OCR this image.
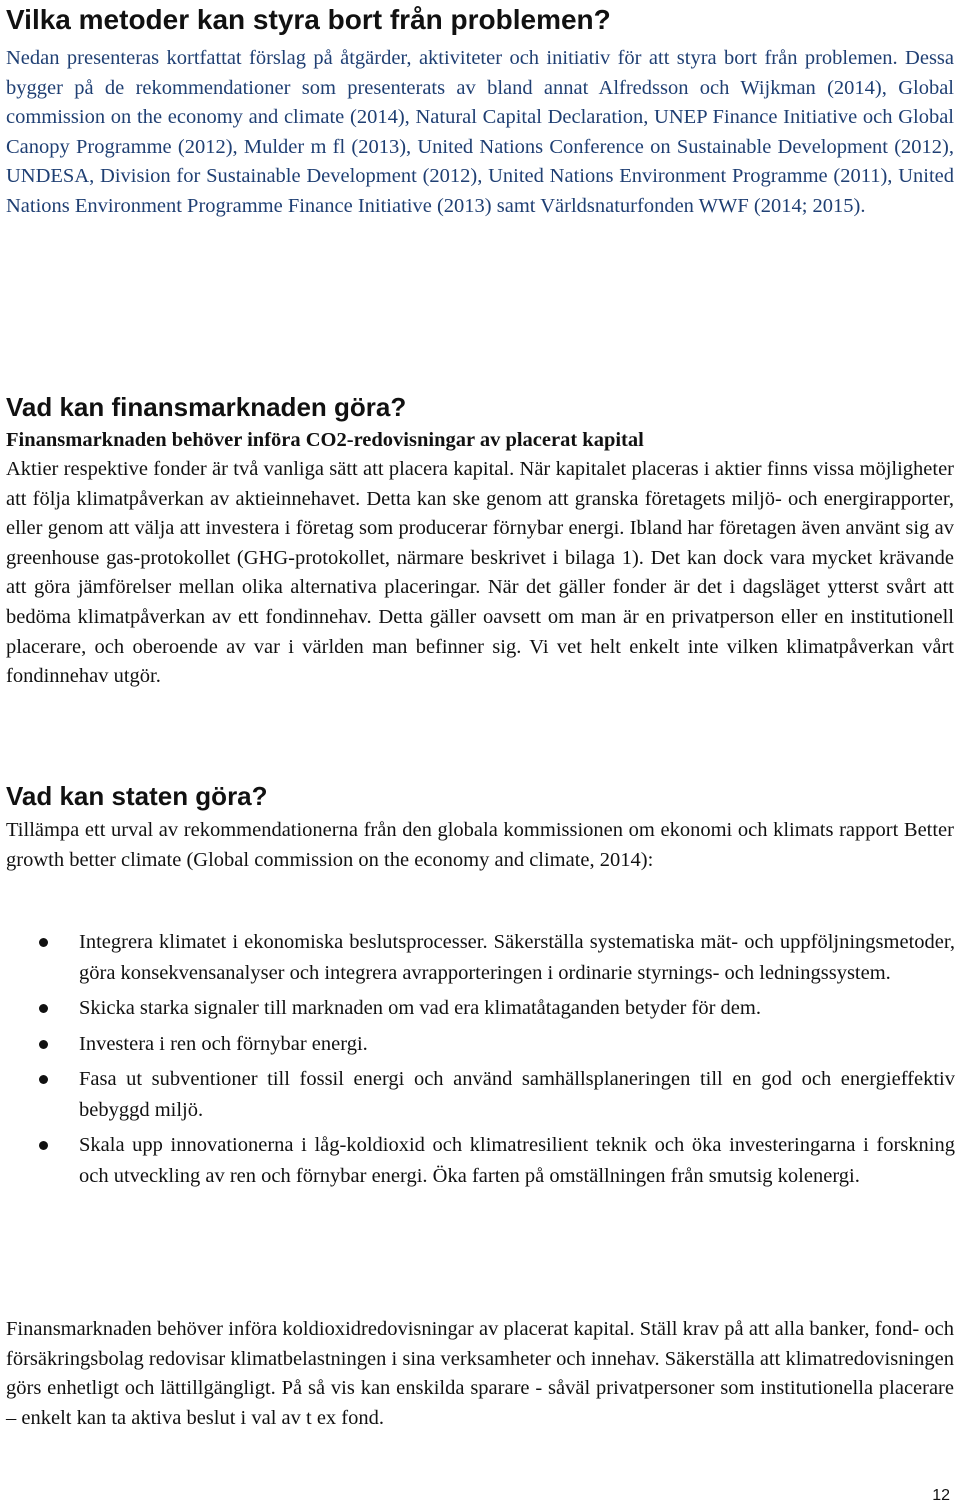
Vilka metoder kan styra bort från problemen?

Nedan presenteras kortfattat förslag på åtgärder, aktiviteter och initiativ för att styra bort från problemen. Dessa bygger på de rekommendationer som presenterats av bland annat Alfredsson och Wijkman (2014), Global commission on the economy and climate (2014), Natural Capital Declaration, UNEP Finance Initiative och Global Canopy Programme (2012), Mulder m fl (2013), United Nations Conference on Sustainable Development (2012), UNDESA, Division for Sustainable Development (2012), United Nations Environment Programme (2011), United Nations Environment Programme Finance Initiative (2013) samt Världsnaturfonden WWF (2014; 2015).

Vad kan finansmarknaden göra?

Finansmarknaden behöver införa CO2-redovisningar av placerat kapital

Aktier respektive fonder är två vanliga sätt att placera kapital. När kapitalet placeras i aktier finns vissa möjligheter att följa klimatpåverkan av aktieinnehavet. Detta kan ske genom att granska företagets miljö- och energirapporter, eller genom att välja att investera i företag som producerar förnybar energi. Ibland har företagen även använt sig av greenhouse gas-protokollet (GHG-protokollet, närmare beskrivet i bilaga 1). Det kan dock vara mycket krävande att göra jämförelser mellan olika alternativa placeringar. När det gäller fonder är det i dagsläget ytterst svårt att bedöma klimatpåverkan av ett fondinnehav. Detta gäller oavsett om man är en privatperson eller en institutionell placerare, och oberoende av var i världen man befinner sig. Vi vet helt enkelt inte vilken klimatpåverkan vårt fondinnehav utgör.

Vad kan staten göra?

Tillämpa ett urval av rekommendationerna från den globala kommissionen om ekonomi och klimats rapport Better growth better climate (Global commission on the economy and climate, 2014):

Integrera klimatet i ekonomiska beslutsprocesser. Säkerställa systematiska mät- och uppföljningsmetoder, göra konsekvensanalyser och integrera avrapporteringen i ordinarie styrnings- och ledningssystem.
Skicka starka signaler till marknaden om vad era klimatåtaganden betyder för dem.
Investera i ren och förnybar energi.
Fasa ut subventioner till fossil energi och använd samhällsplaneringen till en god och energieffektiv bebyggd miljö.
Skala upp innovationerna i låg-koldioxid och klimatresilient teknik och öka investeringarna i forskning och utveckling av ren och förnybar energi. Öka farten på omställningen från smutsig kolenergi.

Finansmarknaden behöver införa koldioxidredovisningar av placerat kapital. Ställ krav på att alla banker, fond- och försäkringsbolag redovisar klimatbelastningen i sina verksamheter och innehav. Säkerställa att klimatredovisningen görs enhetligt och lättillgängligt. På så vis kan enskilda sparare - såväl privatpersoner som institutionella placerare – enkelt kan ta aktiva beslut i val av t ex fond.

12
